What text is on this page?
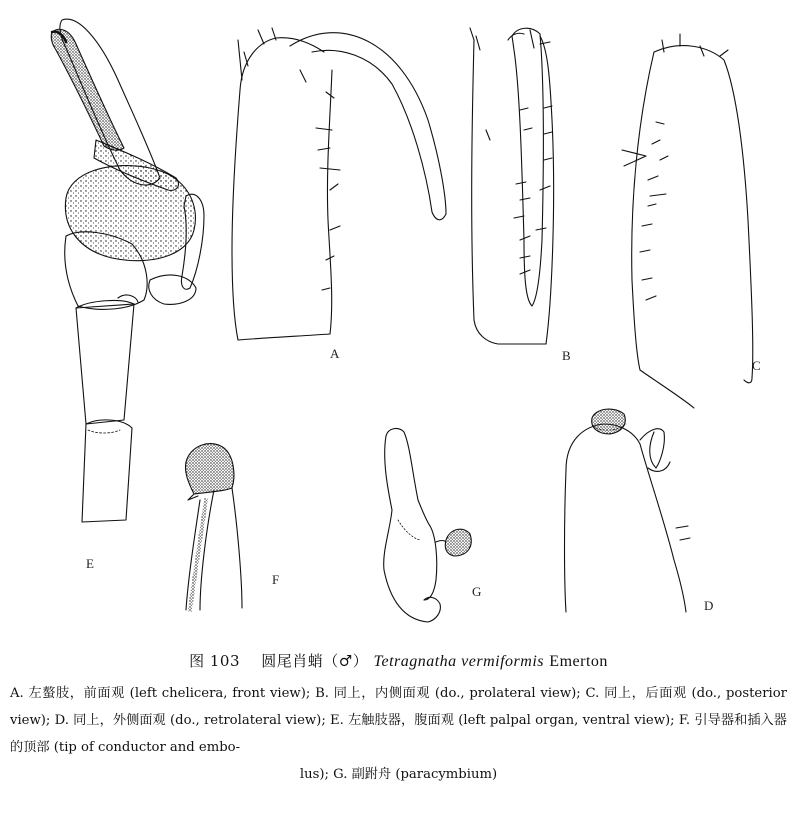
A	B
C
D
E
F
G
图 103 圆尾肖蛸（♂） Tetragnatha vermiformis Emerton
A. 左螯肢，前面观 (left chelicera, front view); B. 同上，内侧面观 (do., prolateral view); C. 同上，后面观 (do., posterior view); D. 同上，外侧面观 (do., retrolateral view); E. 左触肢器，腹面观 (left palpal organ, ventral view); F. 引导器和插入器的顶部 (tip of conductor and embo-
lus); G. 副跗舟 (paracymbium)
